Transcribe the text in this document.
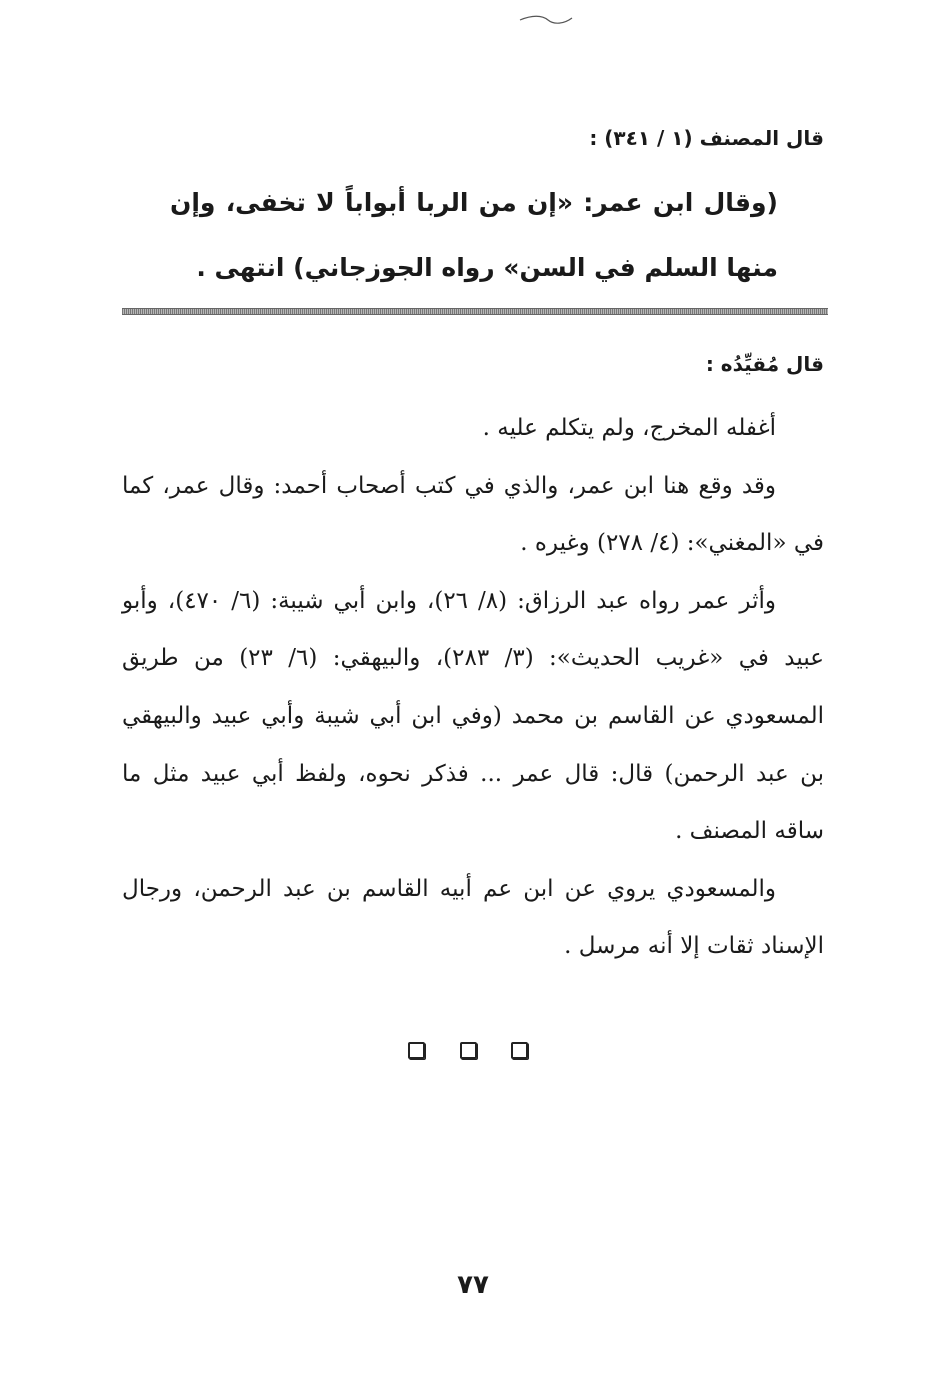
قال المصنف (١ / ٣٤١) :
(وقال ابن عمر: «إن من الربا أبواباً لا تخفى، وإن منها السلم في السن» رواه الجوزجاني) انتهى .
قال مُقيِّدُه :

أغفله المخرج، ولم يتكلم عليه .

وقد وقع هنا ابن عمر، والذي في كتب أصحاب أحمد: وقال عمر، كما في «المغني»: (٤/ ٢٧٨) وغيره .

وأثر عمر رواه عبد الرزاق: (٨/ ٢٦)، وابن أبي شيبة: (٦/ ٤٧٠)، وأبو عبيد في «غريب الحديث»: (٣/ ٢٨٣)، والبيهقي: (٦/ ٢٣) من طريق المسعودي عن القاسم بن محمد (وفي ابن أبي شيبة وأبي عبيد والبيهقي بن عبد الرحمن) قال: قال عمر ... فذكر نحوه، ولفظ أبي عبيد مثل ما ساقه المصنف .

والمسعودي يروي عن ابن عم أبيه القاسم بن عبد الرحمن، ورجال الإسناد ثقات إلا أنه مرسل .

٧٧
